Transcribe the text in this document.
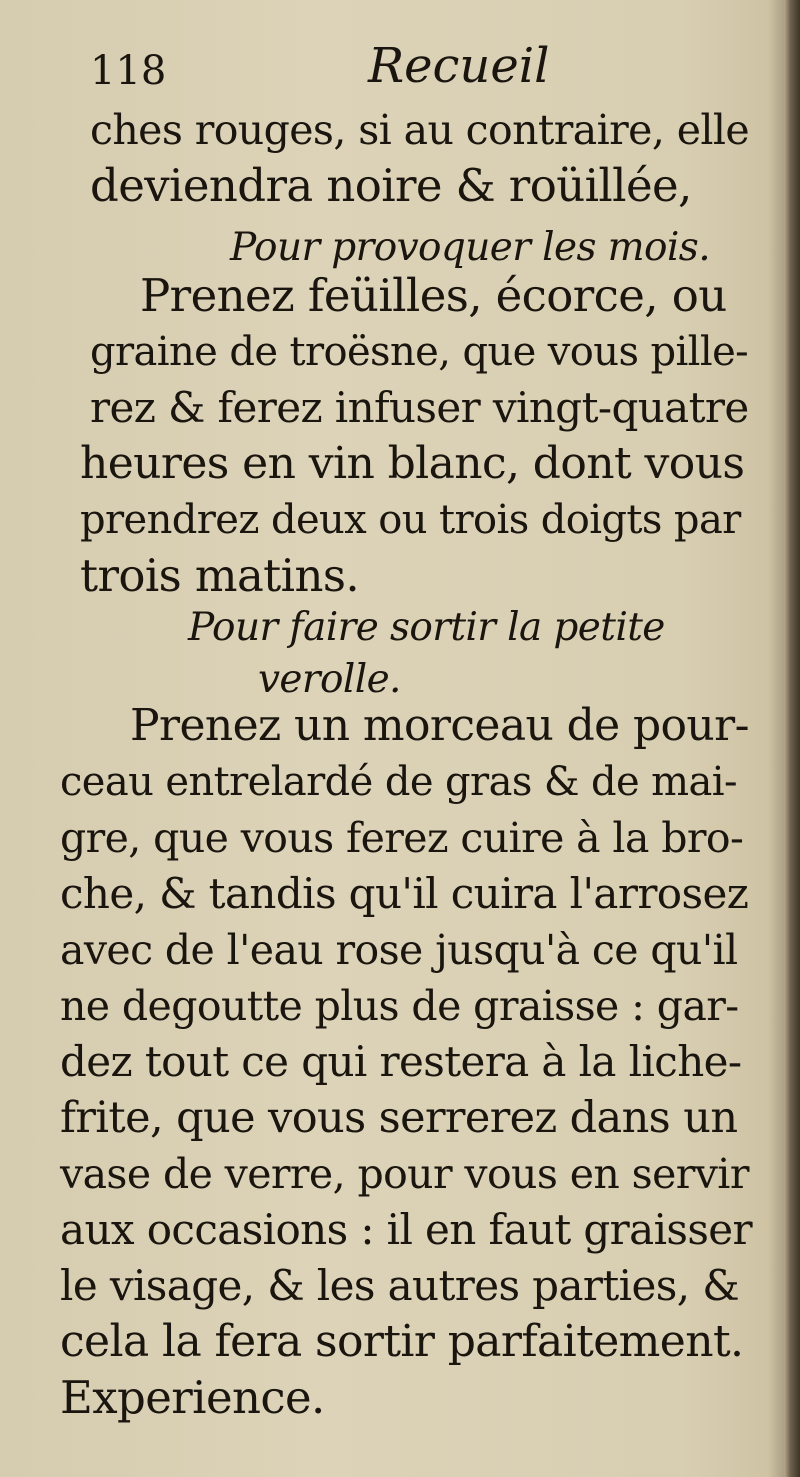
118	Recueil
ches rouges, si au contraire, elle
deviendra noire & roüillée,
Pour provoquer les mois.
Prenez feüilles, écorce, ou
graine de troësne, que vous pille-
rez & ferez infuser vingt-quatre
heures en vin blanc, dont vous
prendrez deux ou trois doigts par
trois matins.
Pour faire sortir la petite
verolle.
Prenez un morceau de pour-
ceau entrelardé de gras & de mai-
gre, que vous ferez cuire à la bro-
che, & tandis qu'il cuira l'arrosez
avec de l'eau rose jusqu'à ce qu'il
ne degoutte plus de graisse : gar-
dez tout ce qui restera à la liche-
frite, que vous serrerez dans un
vase de verre, pour vous en servir
aux occasions : il en faut graisser
le visage, & les autres parties, &
cela la fera sortir parfaitement.
Experience.
